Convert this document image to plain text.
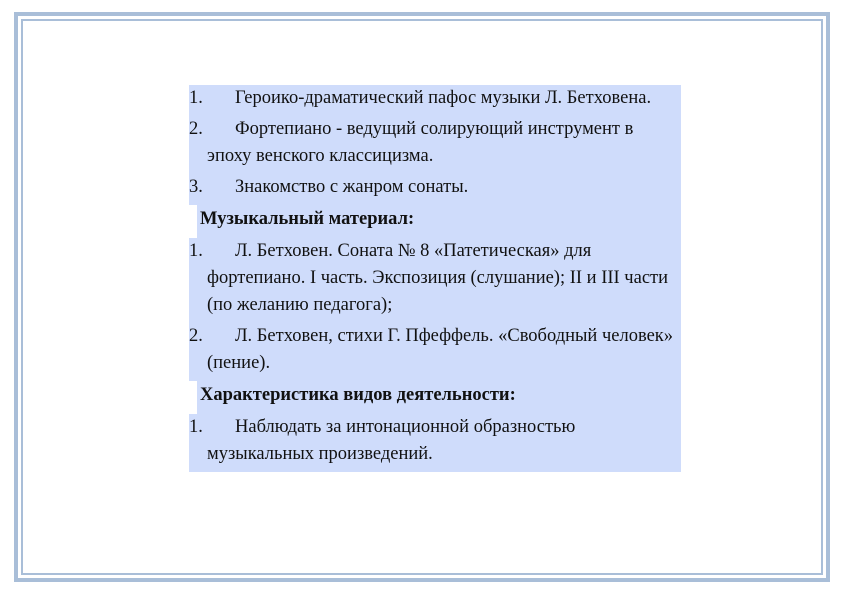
1.	Героико-драматический пафос музыки Л. Бетховена.
2.	Фортепиано - ведущий солирующий инструмент в эпоху венского классицизма.
3.	Знакомство с жанром сонаты.
Музыкальный материал:
1.	Л. Бетховен. Соната № 8 «Патетическая» для фортепиано. I часть. Экспозиция (слушание); II и III части (по желанию педагога);
2.	Л. Бетховен, стихи Г. Пфеффель. «Свободный человек» (пение).
Характеристика видов деятельности:
1.	Наблюдать за интонационной образностью музыкальных произведений.
